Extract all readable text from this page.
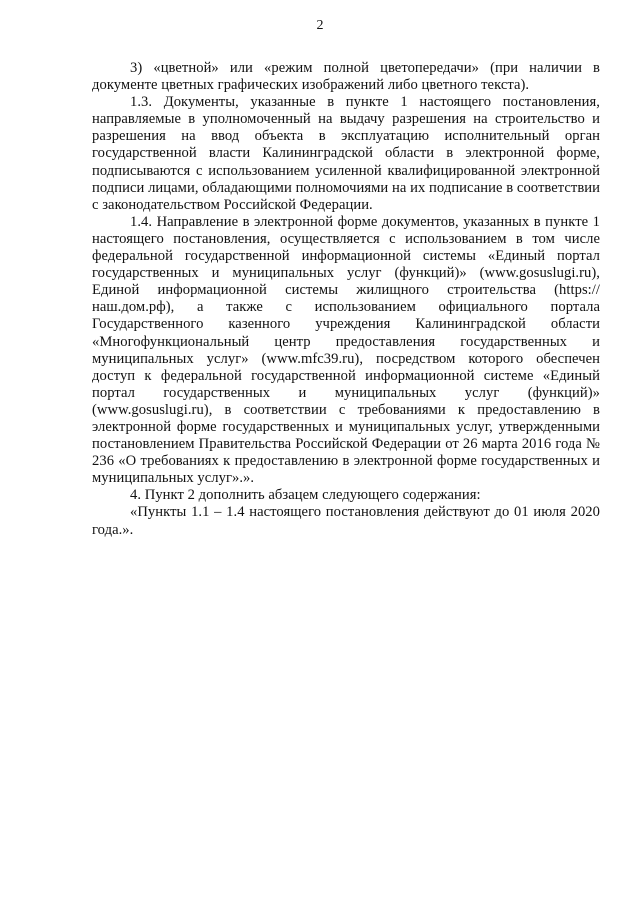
2

3) «цветной» или «режим полной цветопередачи» (при наличии в документе цветных графических изображений либо цветного текста).

1.3. Документы, указанные в пункте 1 настоящего постановления, направляемые в уполномоченный на выдачу разрешения на строительство и разрешения на ввод объекта в эксплуатацию исполнительный орган государственной власти Калининградской области в электронной форме, подписываются с использованием усиленной квалифицированной электронной подписи лицами, обладающими полномочиями на их подписание в соответствии с законодательством Российской Федерации.

1.4. Направление в электронной форме документов, указанных в пункте 1 настоящего постановления, осуществляется с использованием в том числе федеральной государственной информационной системы «Единый портал государственных и муниципальных услуг (функций)» (www.gosuslugi.ru), Единой информационной системы жилищного строительства (https://наш.дом.рф), а также с использованием официального портала Государственного казенного учреждения Калининградской области «Многофункциональный центр предоставления государственных и муниципальных услуг» (www.mfc39.ru), посредством которого обеспечен доступ к федеральной государственной информационной системе «Единый портал государственных и муниципальных услуг (функций)» (www.gosuslugi.ru), в соответствии с требованиями к предоставлению в электронной форме государственных и муниципальных услуг, утвержденными постановлением Правительства Российской Федерации от 26 марта 2016 года № 236 «О требованиях к предоставлению в электронной форме государственных и муниципальных услуг».».

4. Пункт 2 дополнить абзацем следующего содержания:

«Пункты 1.1 – 1.4 настоящего постановления действуют до 01 июля 2020 года.».
